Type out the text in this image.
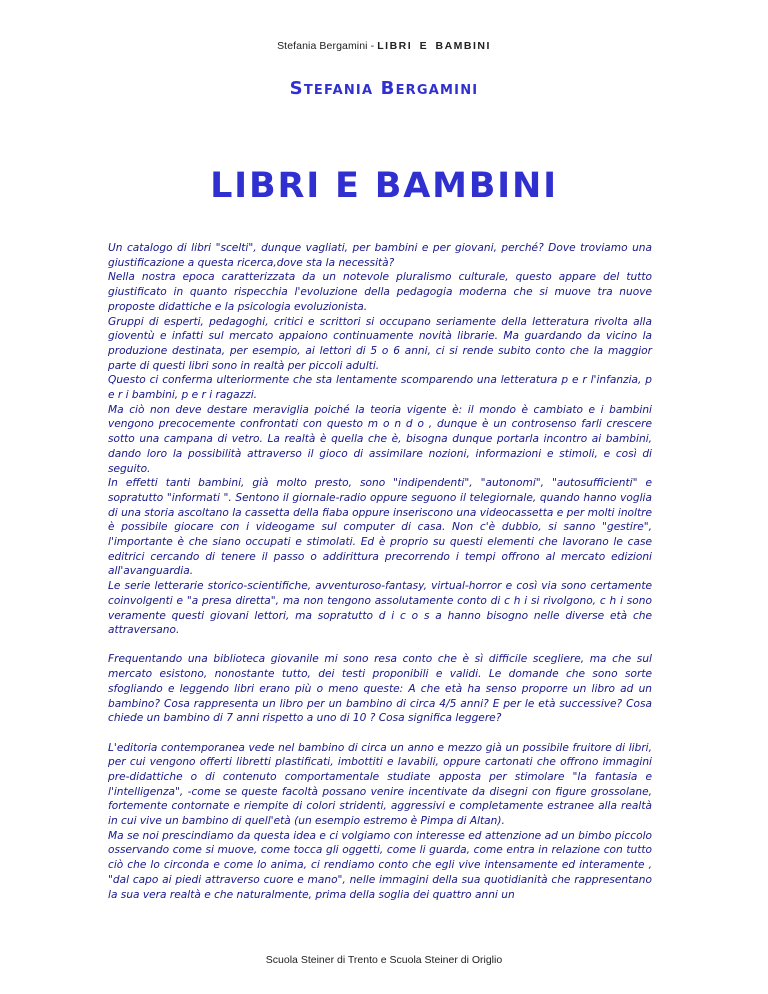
Stefania Bergamini - LIBRI E BAMBINI
Stefania Bergamini
LIBRI E BAMBINI

Un catalogo di libri "scelti", dunque vagliati, per bambini e per giovani, perché? Dove troviamo una giustificazione a questa ricerca,dove sta la necessità?

Nella nostra epoca caratterizzata da un notevole pluralismo culturale, questo appare del tutto giustificato in quanto rispecchia l'evoluzione della pedagogia moderna che si muove tra nuove proposte didattiche e la psicologia evoluzionista.

Gruppi di esperti, pedagoghi, critici e scrittori si occupano seriamente della letteratura rivolta alla gioventù e infatti sul mercato appaiono continuamente novità librarie. Ma guardando da vicino la produzione destinata, per esempio, ai lettori di 5 o 6 anni, ci si rende subito conto che la maggior parte di questi libri sono in realtà per piccoli adulti.

Questo ci conferma ulteriormente che sta lentamente scomparendo una letteratura p e r l'infanzia, p e r i bambini, p e r i ragazzi.

Ma ciò non deve destare meraviglia poiché la teoria vigente è: il mondo è cambiato e i bambini vengono precocemente confrontati con questo m o n d o , dunque è un controsenso farli crescere sotto una campana di vetro. La realtà è quella che è, bisogna dunque portarla incontro ai bambini, dando loro la possibilità attraverso il gioco di assimilare nozioni, informazioni e stimoli, e così di seguito.

In effetti tanti bambini, già molto presto, sono "indipendenti", "autonomi", "autosufficienti" e sopratutto "informati ". Sentono il giornale-radio oppure seguono il telegiornale, quando hanno voglia di una storia ascoltano la cassetta della fiaba oppure inseriscono una videocassetta e per molti inoltre è possibile giocare con i videogame sul computer di casa. Non c'è dubbio, si sanno "gestire", l'importante è che siano occupati e stimolati. Ed è proprio su questi elementi che lavorano le case editrici cercando di tenere il passo o addirittura precorrendo i tempi offrono al mercato edizioni all'avanguardia.

Le serie letterarie storico-scientifiche, avventuroso-fantasy, virtual-horror e così via sono certamente coinvolgenti e "a presa diretta", ma non tengono assolutamente conto di c h i si rivolgono, c h i sono veramente questi giovani lettori, ma sopratutto d i c o s a hanno bisogno nelle diverse età che attraversano.

Frequentando una biblioteca giovanile mi sono resa conto che è sì difficile scegliere, ma che sul mercato esistono, nonostante tutto, dei testi proponibili e validi. Le domande che sono sorte sfogliando e leggendo libri erano più o meno queste: A che età ha senso proporre un libro ad un bambino? Cosa rappresenta un libro per un bambino di circa 4/5 anni? E per le età successive? Cosa chiede un bambino di 7 anni rispetto a uno di 10 ? Cosa significa leggere?

L'editoria contemporanea vede nel bambino di circa un anno e mezzo già un possibile fruitore di libri, per cui vengono offerti libretti plastificati, imbottiti e lavabili, oppure cartonati che offrono immagini pre-didattiche o di contenuto comportamentale studiate apposta per stimolare "la fantasia e l'intelligenza", -come se queste facoltà possano venire incentivate da disegni con figure grossolane, fortemente contornate e riempite di colori stridenti, aggressivi e completamente estranee alla realtà in cui vive un bambino di quell'età (un esempio estremo è Pimpa di Altan).

Ma se noi prescindiamo da questa idea e ci volgiamo con interesse ed attenzione ad un bimbo piccolo osservando come si muove, come tocca gli oggetti, come li guarda, come entra in relazione con tutto ciò che lo circonda e come lo anima, ci rendiamo conto che egli vive intensamente ed interamente , "dal capo ai piedi attraverso cuore e mano", nelle immagini della sua quotidianità che rappresentano la sua vera realtà e che naturalmente, prima della soglia dei quattro anni un

Scuola Steiner di Trento e Scuola Steiner di Origlio
